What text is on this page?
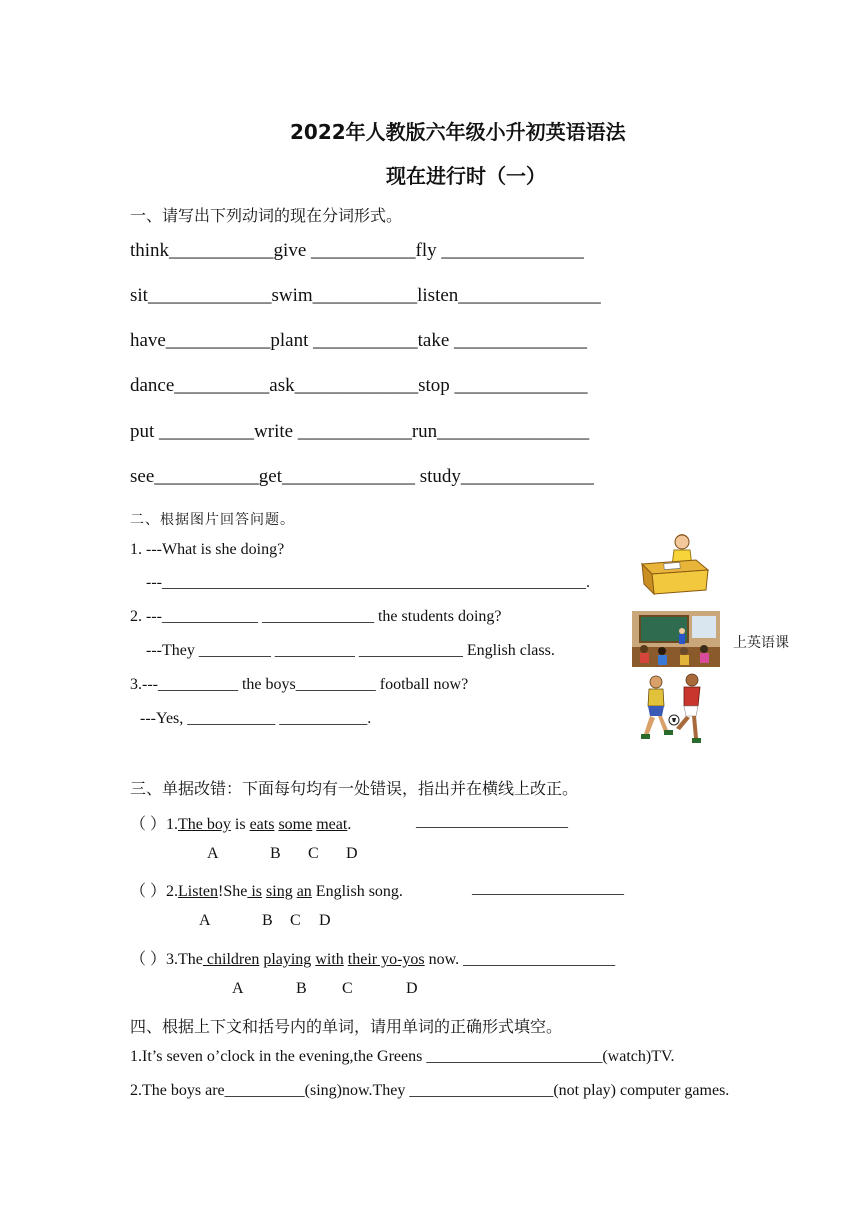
2022年人教版六年级小升初英语语法
现在进行时（一）
一、请写出下列动词的现在分词形式。
think___________give ___________fly _______________
sit_____________swim___________listen_______________
have___________plant ___________take ______________
dance__________ask_____________stop ______________
put __________write ____________run________________
see___________get______________ study______________
二、根据图片回答问题。
1. ---What is she doing?
---_____________________________________________________.
2. ---____________ ______________ the students doing?
---They _________ __________ _____________ English class.	上英语课
3.---__________ the boys__________ football now?
---Yes, ___________ ___________.
三、单据改错：下面每句均有一处错误，指出并在横线上改正。
（ ）1.The boy is eats some meat.	___________________
A	B C D
（ ）2.Listen!She is sing an English song.	___________________
A	B C D
（ ）3.The children playing with their yo-yos now. ___________________
A	B C	D
四、根据上下文和括号内的单词，请用单词的正确形式填空。
1.It’s seven o’clock in the evening,the Greens ______________________(watch)TV.
2.The boys are__________(sing)now.They __________________(not play) computer games.
